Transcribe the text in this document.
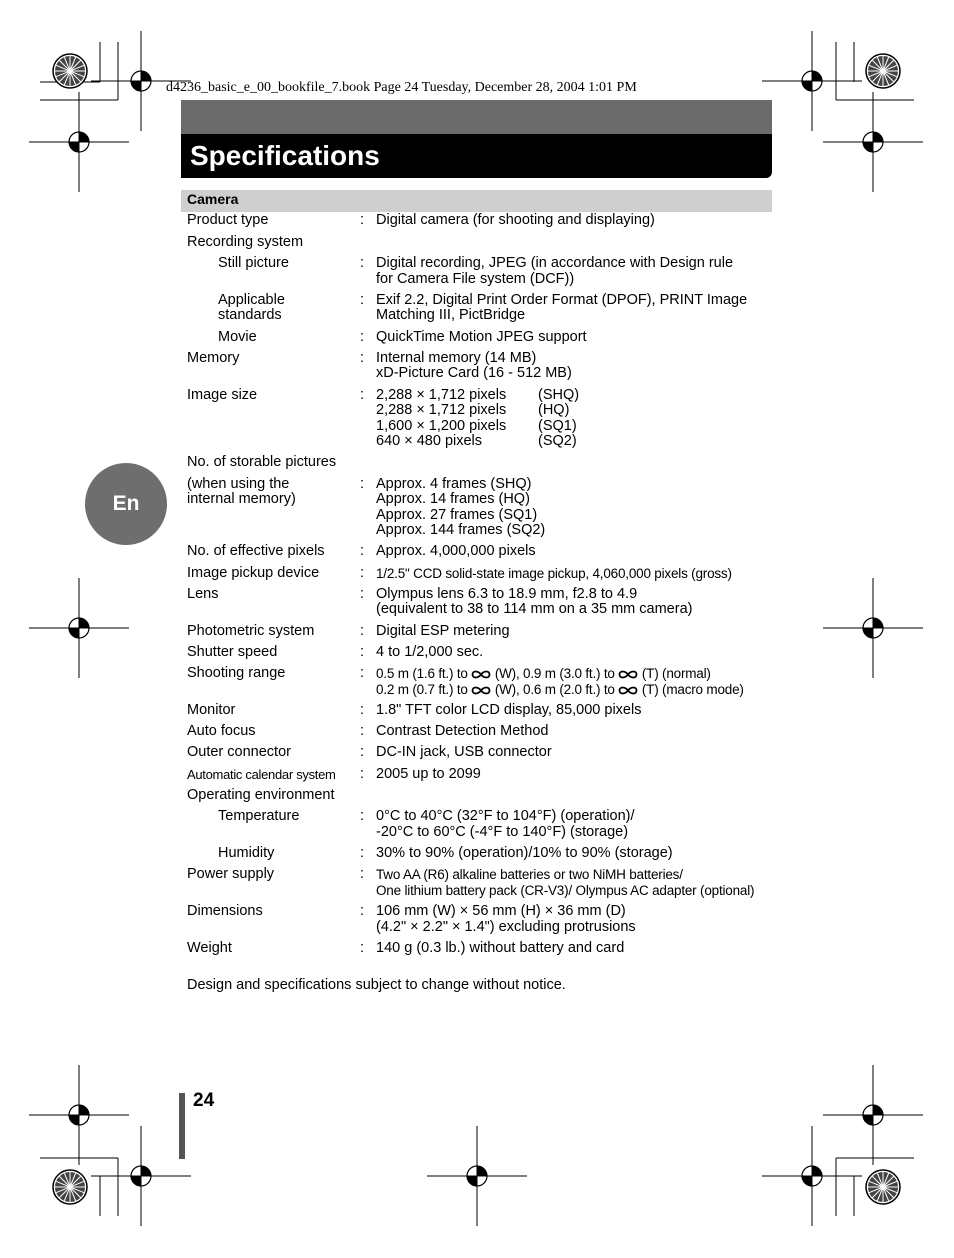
d4236_basic_e_00_bookfile_7.book Page 24 Tuesday, December 28, 2004 1:01 PM
Specifications
Camera
Product type	: Digital camera (for shooting and displaying)
Recording system
Still picture	: Digital recording, JPEG (in accordance with Design rule
for Camera File system (DCF))
Applicable
standards
: Exif 2.2, Digital Print Order Format (DPOF), PRINT Image
Matching III, PictBridge
Movie	: QuickTime Motion JPEG support
Memory	: Internal memory (14 MB)
xD-Picture Card (16 - 512 MB)
Image size	: 2,288 × 1,712 pixels	(SHQ)
2,288 × 1,712 pixels	(HQ)
1,600 × 1,200 pixels	(SQ1)
640 × 480 pixels	(SQ2)
No. of storable pictures
(when using the
internal memory)
: Approx. 4 frames (SHQ)
Approx. 14 frames (HQ)
Approx. 27 frames (SQ1)
Approx. 144 frames (SQ2)
No. of effective pixels : Approx. 4,000,000 pixels
Image pickup device	: 1/2.5" CCD solid-state image pickup, 4,060,000 pixels (gross)
Lens	: Olympus lens 6.3 to 18.9 mm, f2.8 to 4.9
(equivalent to 38 to 114 mm on a 35 mm camera)
Photometric system	: Digital ESP metering
Shutter speed	: 4 to 1/2,000 sec.
Shooting range	: 0.5 m (1.6 ft.) to (W), 0.9 m (3.0 ft.) to (T) (normal)
0.2 m (0.7 ft.) to (W), 0.6 m (2.0 ft.) to (T) (macro mode)
Monitor	: 1.8" TFT color LCD display, 85,000 pixels
Auto focus	: Contrast Detection Method
Outer connector	: DC-IN jack, USB connector
Automatic calendar system : 2005 up to 2099
Operating environment
Temperature	: 0°C to 40°C (32°F to 104°F) (operation)/
-20°C to 60°C (-4°F to 140°F) (storage)
Humidity	: 30% to 90% (operation)/10% to 90% (storage)
Power supply	: Two AA (R6) alkaline batteries or two NiMH batteries/
One lithium battery pack (CR-V3)/ Olympus AC adapter (optional)
Dimensions	: 106 mm (W) × 56 mm (H) × 36 mm (D)
(4.2" × 2.2" × 1.4") excluding protrusions
Weight	: 140 g (0.3 lb.) without battery and card
Design and specifications subject to change without notice.
En
24
